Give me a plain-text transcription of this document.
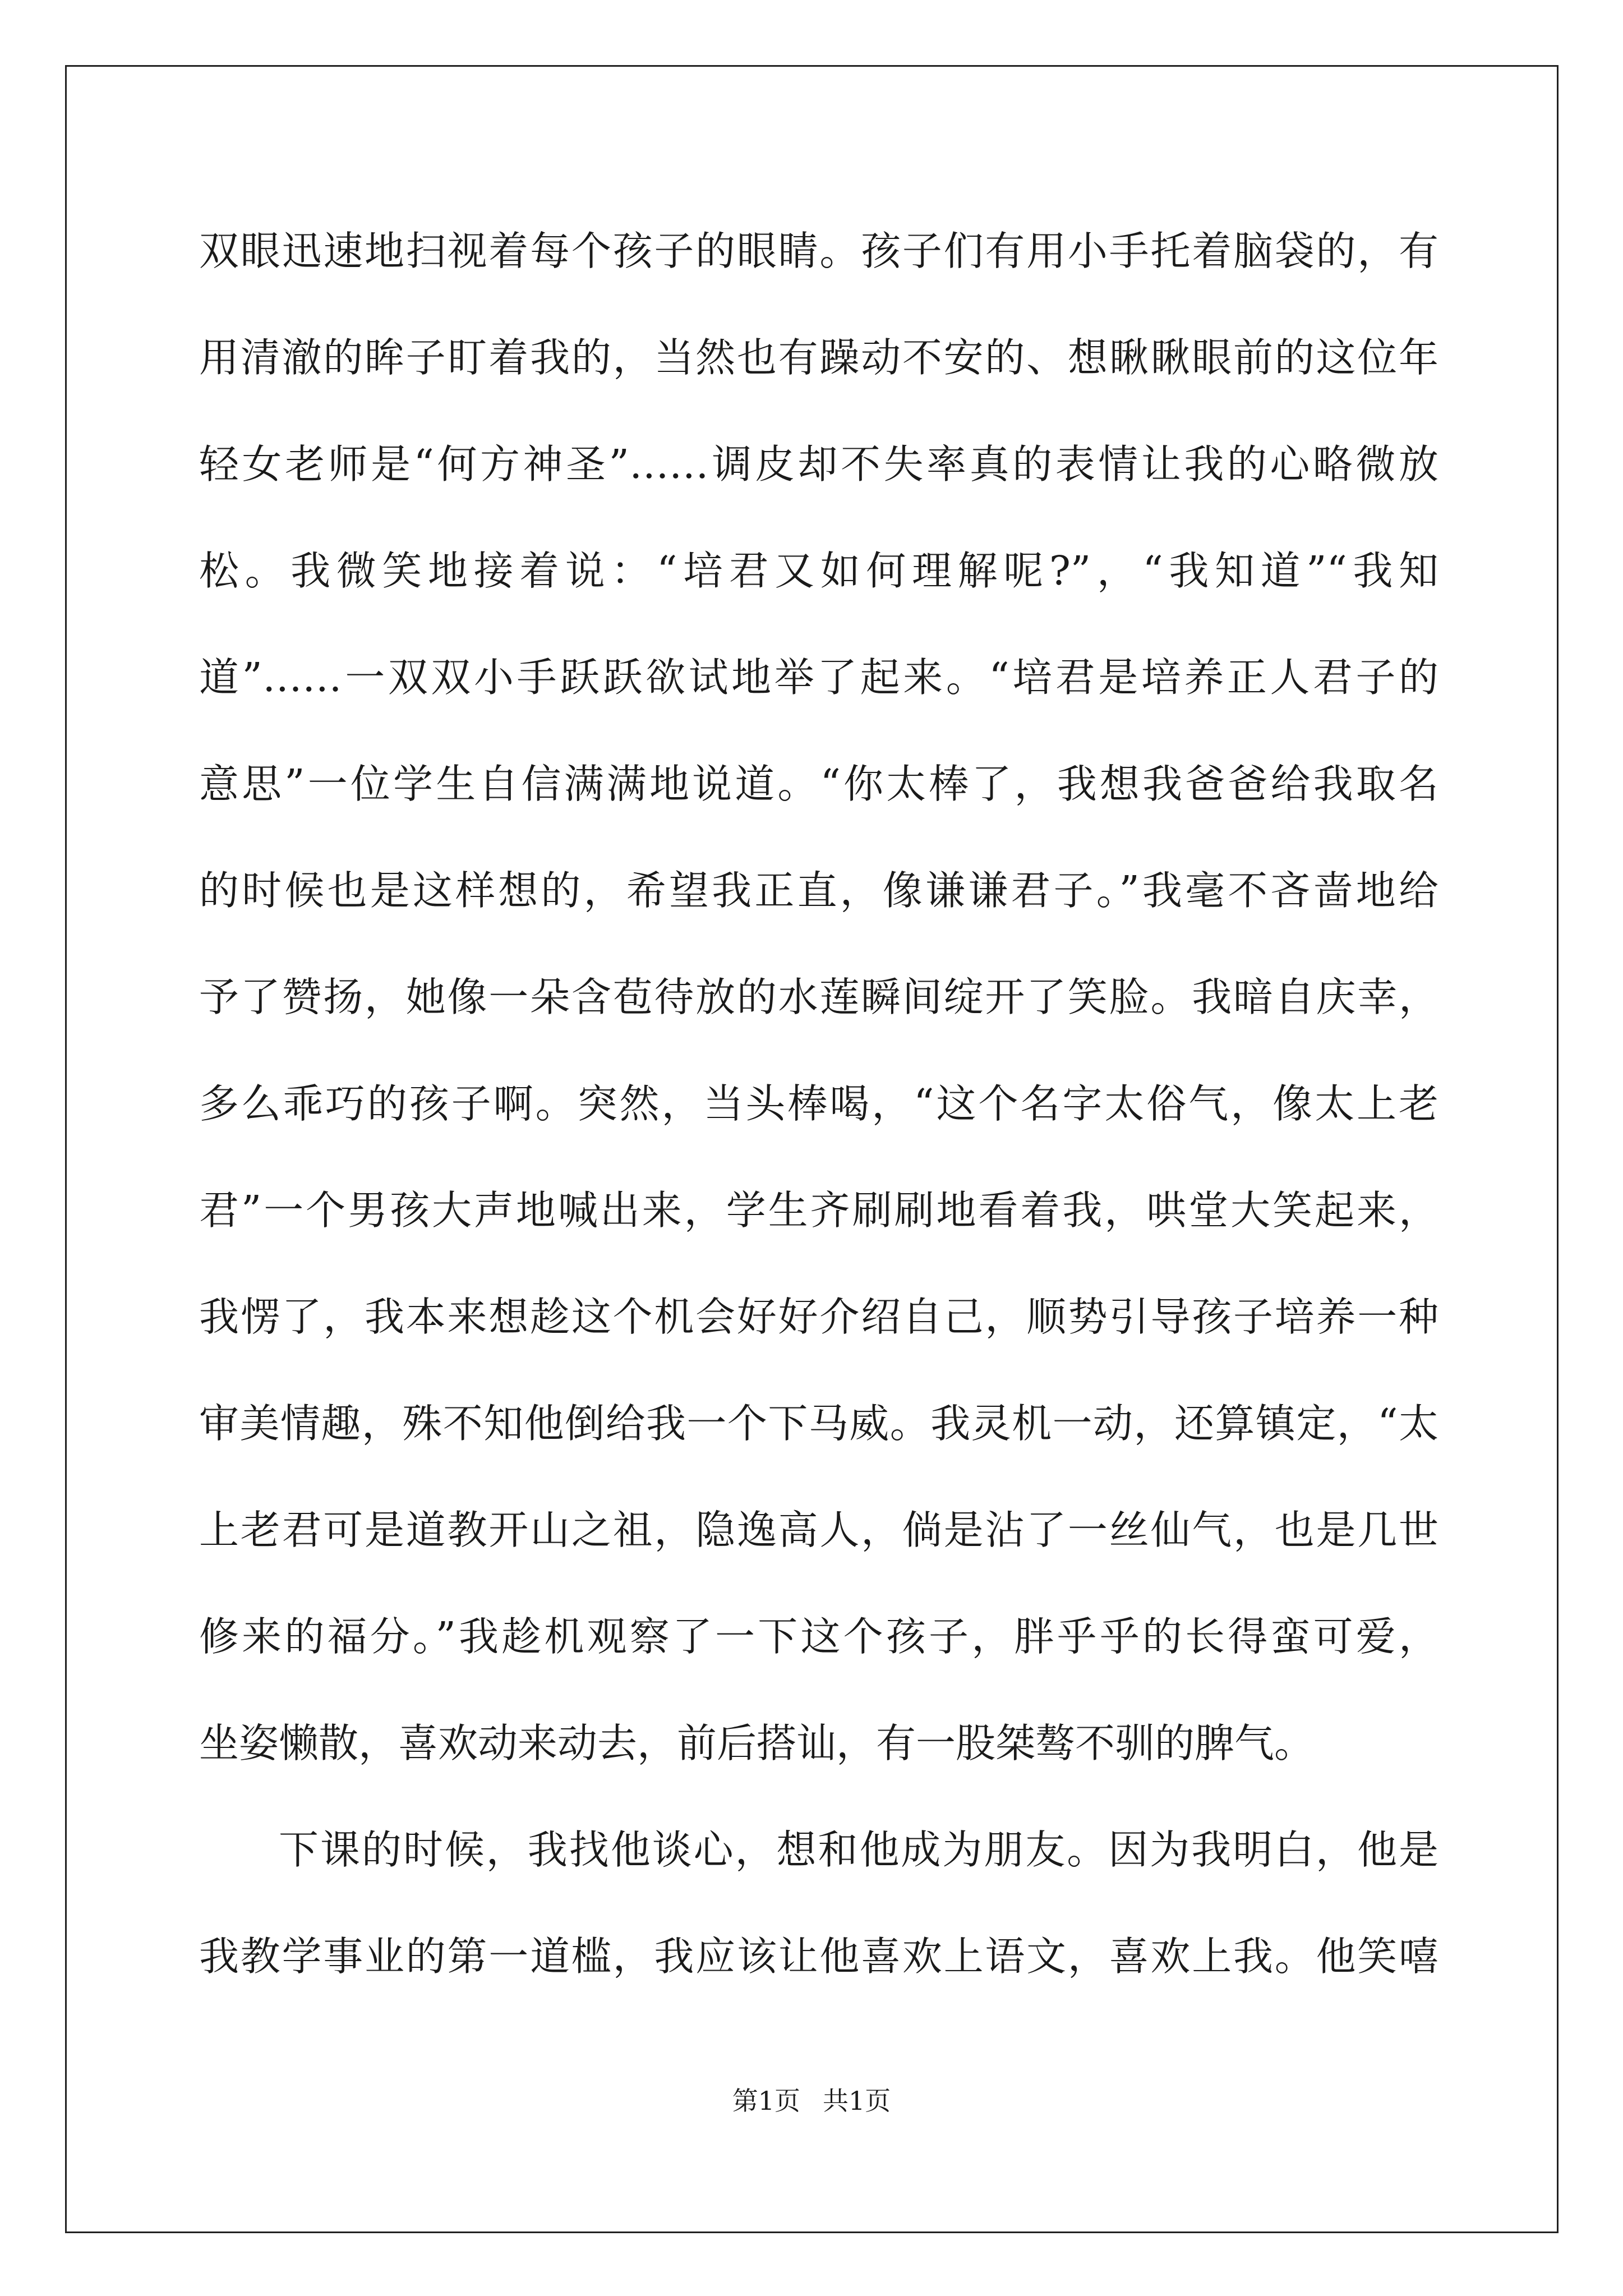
双眼迅速地扫视着每个孩子的眼睛。孩子们有用小手托着脑袋的，有
用清澈的眸子盯着我的，当然也有躁动不安的、想瞅瞅眼前的这位年
轻女老师是“何方神圣”……调皮却不失率真的表情让我的心略微放
松。我微笑地接着说：“培君又如何理解呢?”，“我知道”“我知
道”……一双双小手跃跃欲试地举了起来。“培君是培养正人君子的
意思”一位学生自信满满地说道。“你太棒了，我想我爸爸给我取名
的时候也是这样想的，希望我正直，像谦谦君子。”我毫不吝啬地给
予了赞扬，她像一朵含苞待放的水莲瞬间绽开了笑脸。我暗自庆幸，
多么乖巧的孩子啊。突然，当头棒喝，“这个名字太俗气，像太上老
君”一个男孩大声地喊出来，学生齐刷刷地看着我，哄堂大笑起来，
我愣了，我本来想趁这个机会好好介绍自己，顺势引导孩子培养一种
审美情趣，殊不知他倒给我一个下马威。我灵机一动，还算镇定，“太
上老君可是道教开山之祖，隐逸高人，倘是沾了一丝仙气，也是几世
修来的福分。”我趁机观察了一下这个孩子，胖乎乎的长得蛮可爱，
坐姿懒散，喜欢动来动去，前后搭讪，有一股桀骜不驯的脾气。
下课的时候，我找他谈心，想和他成为朋友。因为我明白，他是
我教学事业的第一道槛，我应该让他喜欢上语文，喜欢上我。他笑嘻
第1页 共1页
